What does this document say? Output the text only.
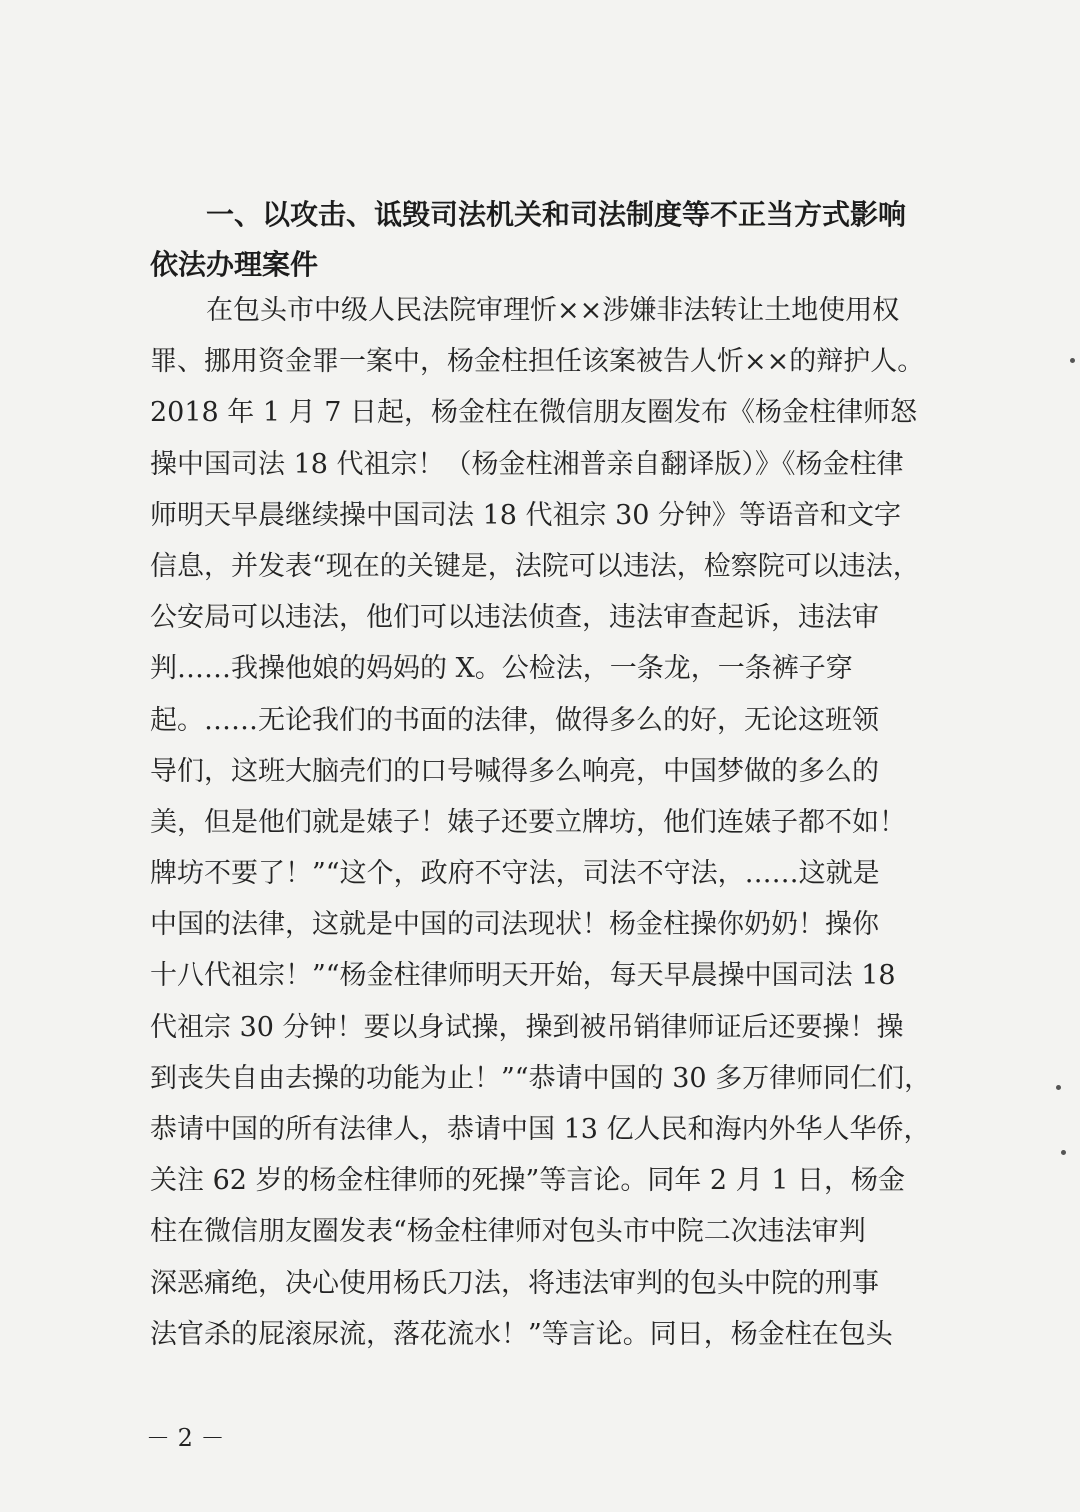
一、以攻击、诋毁司法机关和司法制度等不正当方式影响
依法办理案件
在包头市中级人民法院审理忻××涉嫌非法转让土地使用权
罪、挪用资金罪一案中，杨金柱担任该案被告人忻××的辩护人。
2018 年 1 月 7 日起，杨金柱在微信朋友圈发布《杨金柱律师怒
操中国司法 18 代祖宗！（杨金柱湘普亲自翻译版）》《杨金柱律
师明天早晨继续操中国司法 18 代祖宗 30 分钟》等语音和文字
信息，并发表“现在的关键是，法院可以违法，检察院可以违法，
公安局可以违法，他们可以违法侦查，违法审查起诉，违法审
判……我操他娘的妈妈的 X。公检法，一条龙，一条裤子穿
起。……无论我们的书面的法律，做得多么的好，无论这班领
导们，这班大脑壳们的口号喊得多么响亮，中国梦做的多么的
美，但是他们就是婊子！婊子还要立牌坊，他们连婊子都不如！
牌坊不要了！”“这个，政府不守法，司法不守法，……这就是
中国的法律，这就是中国的司法现状！杨金柱操你奶奶！操你
十八代祖宗！”“杨金柱律师明天开始，每天早晨操中国司法 18
代祖宗 30 分钟！要以身试操，操到被吊销律师证后还要操！操
到丧失自由去操的功能为止！”“恭请中国的 30 多万律师同仁们，
恭请中国的所有法律人，恭请中国 13 亿人民和海内外华人华侨，
关注 62 岁的杨金柱律师的死操”等言论。同年 2 月 1 日，杨金
柱在微信朋友圈发表“杨金柱律师对包头市中院二次违法审判
深恶痛绝，决心使用杨氏刀法，将违法审判的包头中院的刑事
法官杀的屁滚尿流，落花流水！”等言论。同日，杨金柱在包头
－ 2 －
